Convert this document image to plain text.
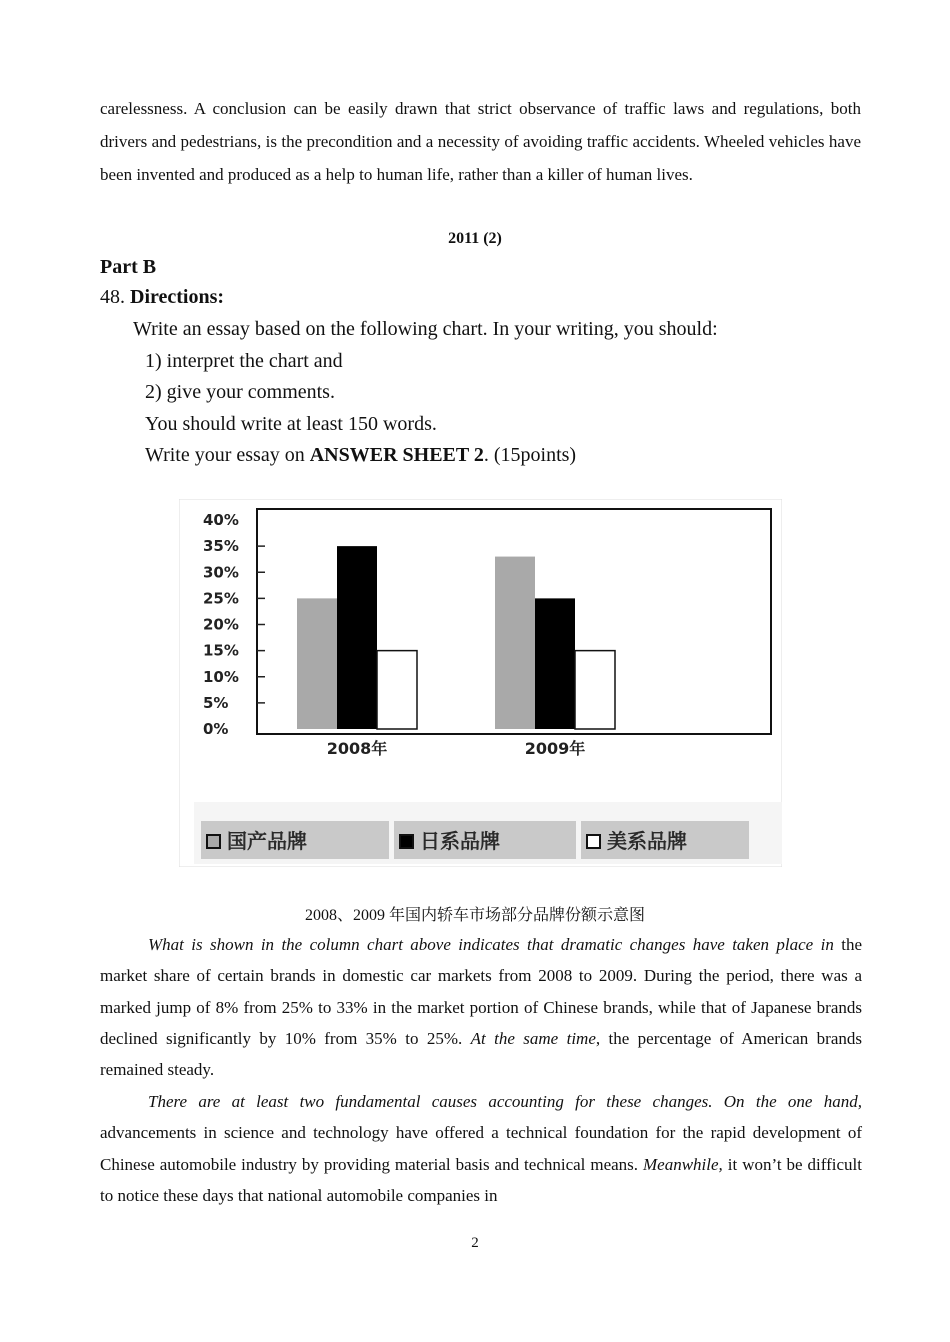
carelessness. A conclusion can be easily drawn that strict observance of traffic laws and regulations, both drivers and pedestrians, is the precondition and a necessity of avoiding traffic accidents. Wheeled vehicles have been invented and produced as a help to human life, rather than a killer of human lives.
2011 (2)
Part B
48. Directions:
Write an essay based on the following chart. In your writing, you should:
1) interpret the chart and
2) give your comments.
You should write at least 150 words.
Write your essay on ANSWER SHEET 2. (15points)
0%
5%
10%
15%
20%
25%
30%
35%
40%
2008年	2009年
国产品牌	日系品牌	美系品牌
2008、2009 年国内轿车市场部分品牌份额示意图
What is shown in the column chart above indicates that dramatic changes have taken place in the market share of certain brands in domestic car markets from 2008 to 2009. During the period, there was a marked jump of 8% from 25% to 33% in the market portion of Chinese brands, while that of Japanese brands declined significantly by 10% from 35% to 25%. At the same time, the percentage of American brands remained steady.
There are at least two fundamental causes accounting for these changes. On the one hand, advancements in science and technology have offered a technical foundation for the rapid development of Chinese automobile industry by providing material basis and technical means. Meanwhile, it won’t be difficult to notice these days that national automobile companies in
2
